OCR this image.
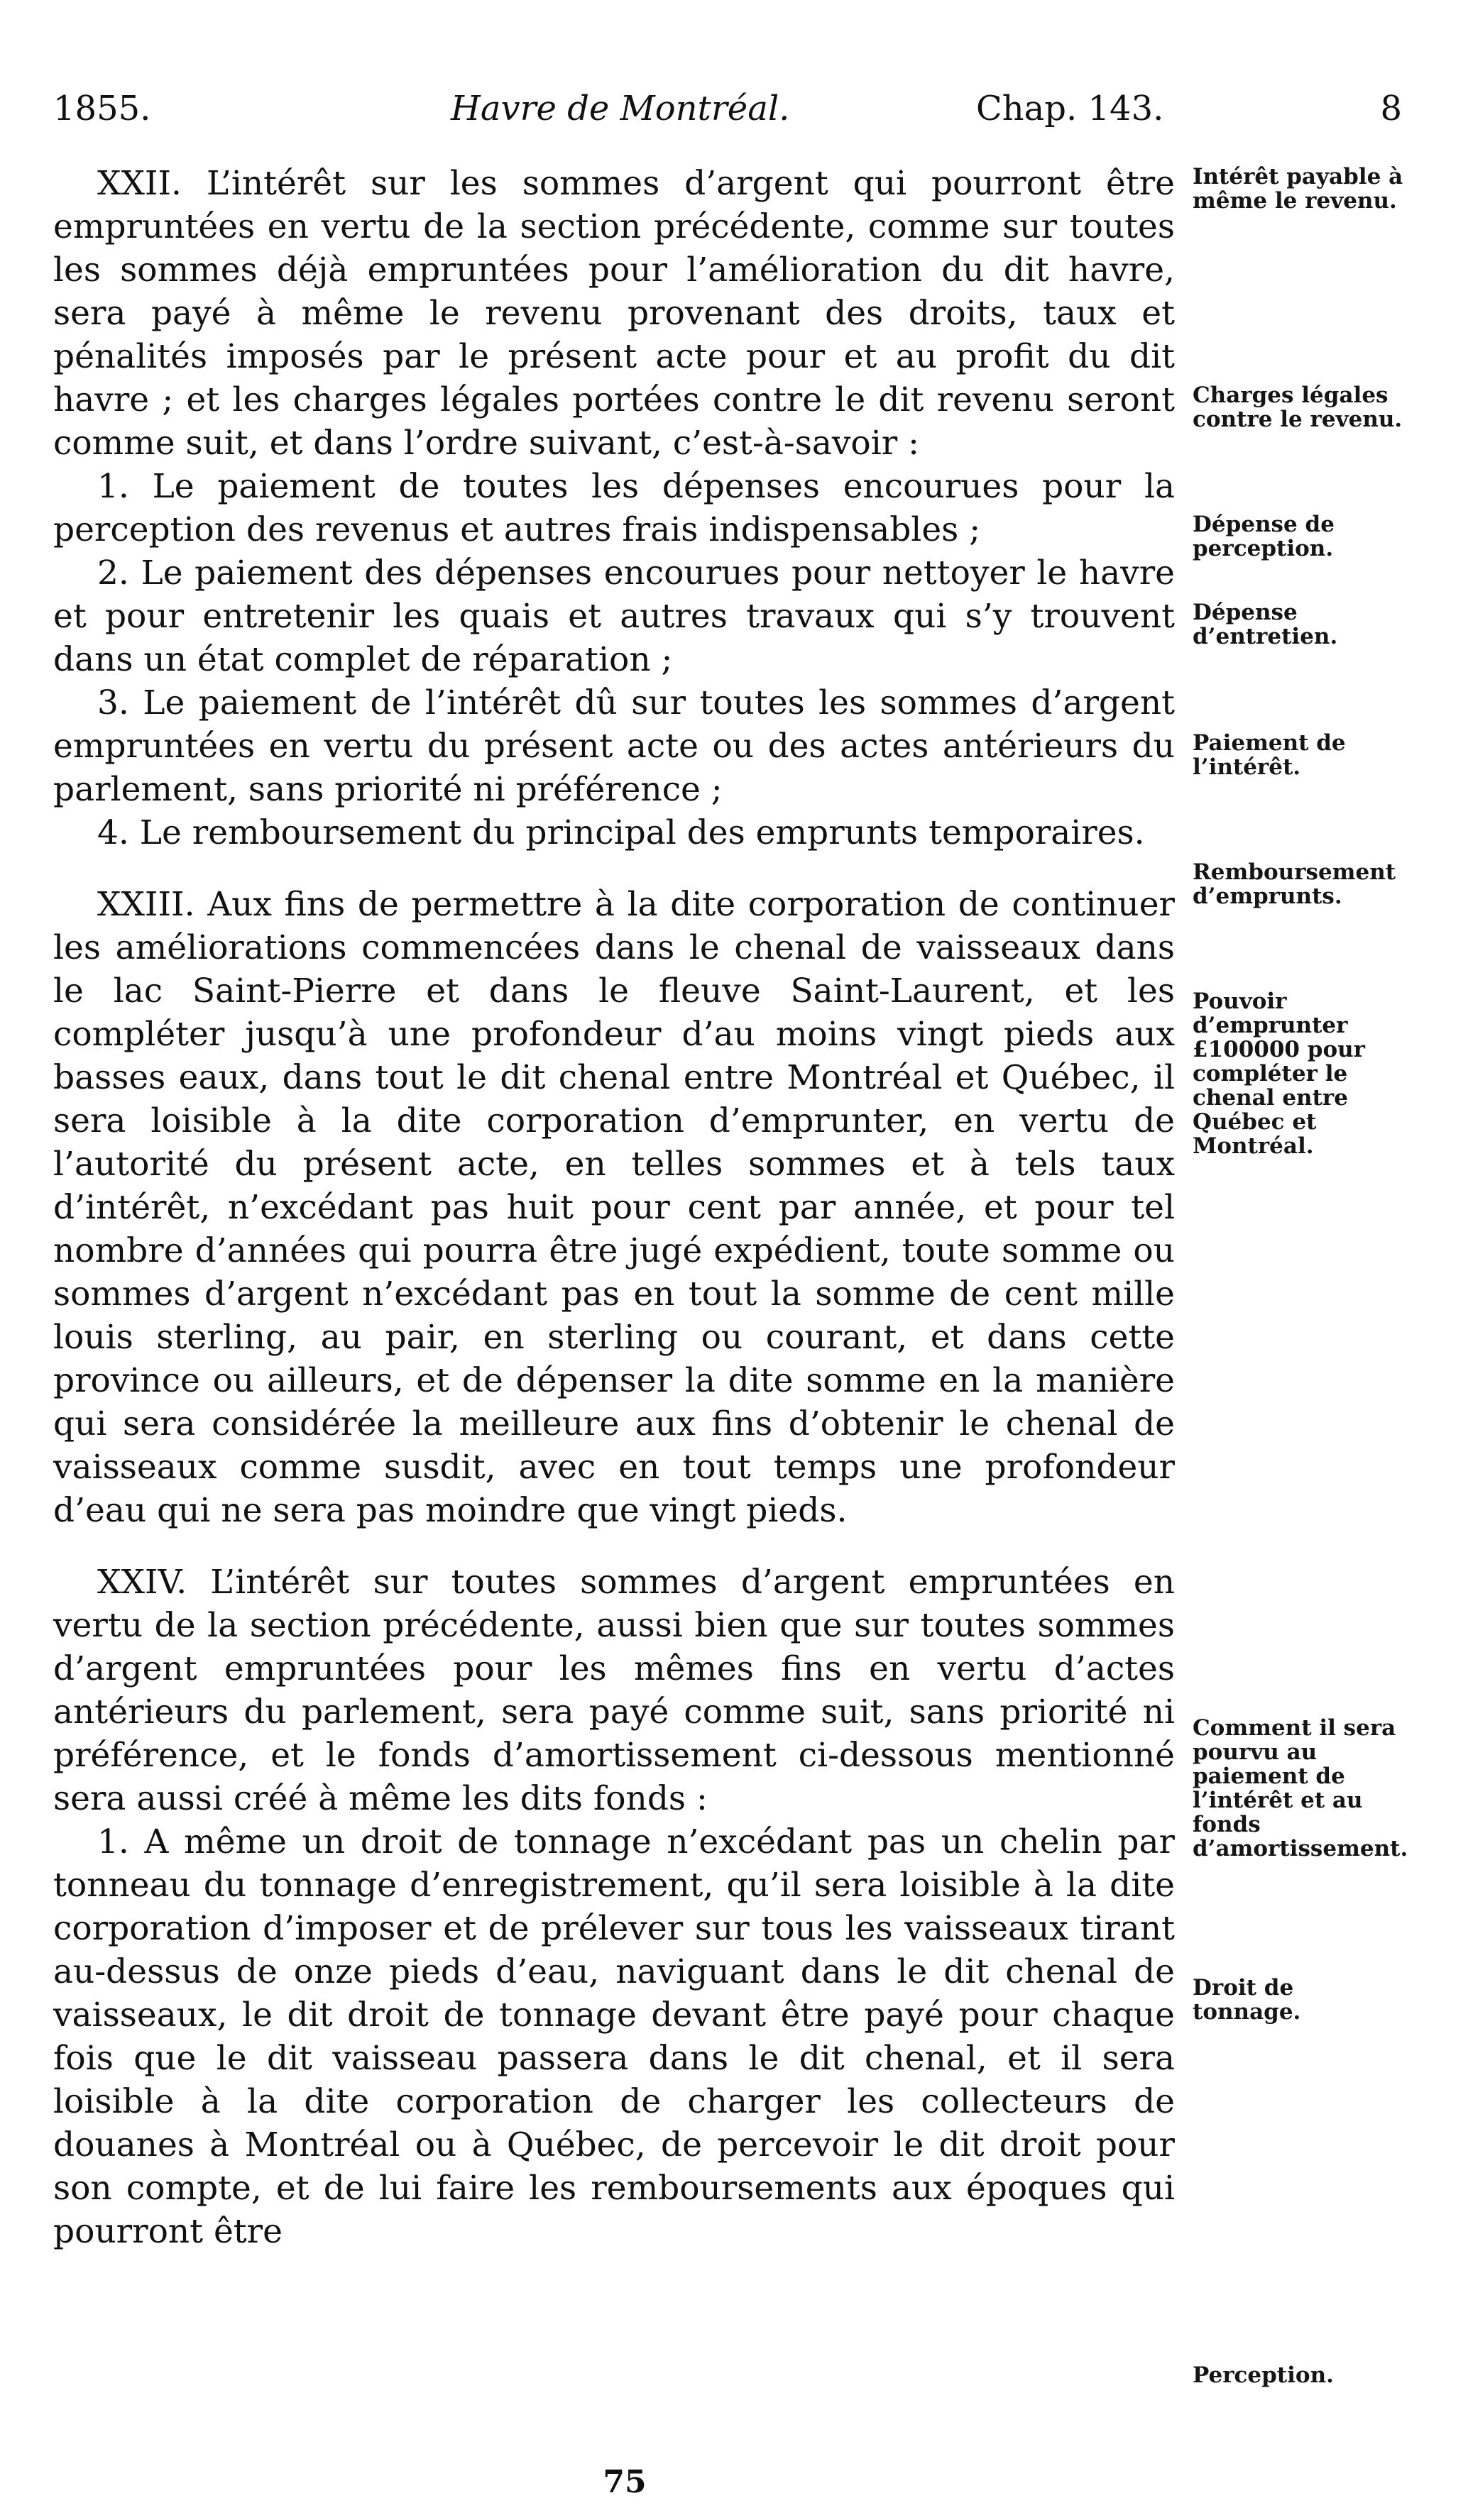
1855.	Havre de Montréal.	Chap. 143.	8

XXII. L’intérêt sur les sommes d’argent qui pourront être empruntées en vertu de la section précédente, comme sur toutes les sommes déjà empruntées pour l’amélioration du dit havre, sera payé à même le revenu provenant des droits, taux et pénalités imposés par le présent acte pour et au profit du dit havre ; et les charges légales portées contre le dit revenu seront comme suit, et dans l’ordre suivant, c’est-à-savoir :

1. Le paiement de toutes les dépenses encourues pour la perception des revenus et autres frais indispensables ;

2. Le paiement des dépenses encourues pour nettoyer le havre et pour entretenir les quais et autres travaux qui s’y trouvent dans un état complet de réparation ;

3. Le paiement de l’intérêt dû sur toutes les sommes d’argent empruntées en vertu du présent acte ou des actes antérieurs du parlement, sans priorité ni préférence ;

4. Le remboursement du principal des emprunts temporaires.

XXIII. Aux fins de permettre à la dite corporation de continuer les améliorations commencées dans le chenal de vaisseaux dans le lac Saint-Pierre et dans le fleuve Saint-Laurent, et les compléter jusqu’à une profondeur d’au moins vingt pieds aux basses eaux, dans tout le dit chenal entre Montréal et Québec, il sera loisible à la dite corporation d’emprunter, en vertu de l’autorité du présent acte, en telles sommes et à tels taux d’intérêt, n’excédant pas huit pour cent par année, et pour tel nombre d’années qui pourra être jugé expédient, toute somme ou sommes d’argent n’excédant pas en tout la somme de cent mille louis sterling, au pair, en sterling ou courant, et dans cette province ou ailleurs, et de dépenser la dite somme en la manière qui sera considérée la meilleure aux fins d’obtenir le chenal de vaisseaux comme susdit, avec en tout temps une profondeur d’eau qui ne sera pas moindre que vingt pieds.

XXIV. L’intérêt sur toutes sommes d’argent empruntées en vertu de la section précédente, aussi bien que sur toutes sommes d’argent empruntées pour les mêmes fins en vertu d’actes antérieurs du parlement, sera payé comme suit, sans priorité ni préférence, et le fonds d’amortissement ci-dessous mentionné sera aussi créé à même les dits fonds :

1. A même un droit de tonnage n’excédant pas un chelin par tonneau du tonnage d’enregistrement, qu’il sera loisible à la dite corporation d’imposer et de prélever sur tous les vaisseaux tirant au-dessus de onze pieds d’eau, naviguant dans le dit chenal de vaisseaux, le dit droit de tonnage devant être payé pour chaque fois que le dit vaisseau passera dans le dit chenal, et il sera loisible à la dite corporation de charger les collecteurs de douanes à Montréal ou à Québec, de percevoir le dit droit pour son compte, et de lui faire les remboursements aux époques qui pourront être

Intérêt payable à même le revenu.
Charges légales contre le revenu.
Dépense de perception.
Dépense d’entretien.
Paiement de l’intérêt.
Remboursement d’emprunts.
Pouvoir d’emprunter £100000 pour compléter le chenal entre Québec et Montréal.
Comment il sera pourvu au paiement de l’intérêt et au fonds d’amortissement.
Droit de tonnage.
Perception.
75
